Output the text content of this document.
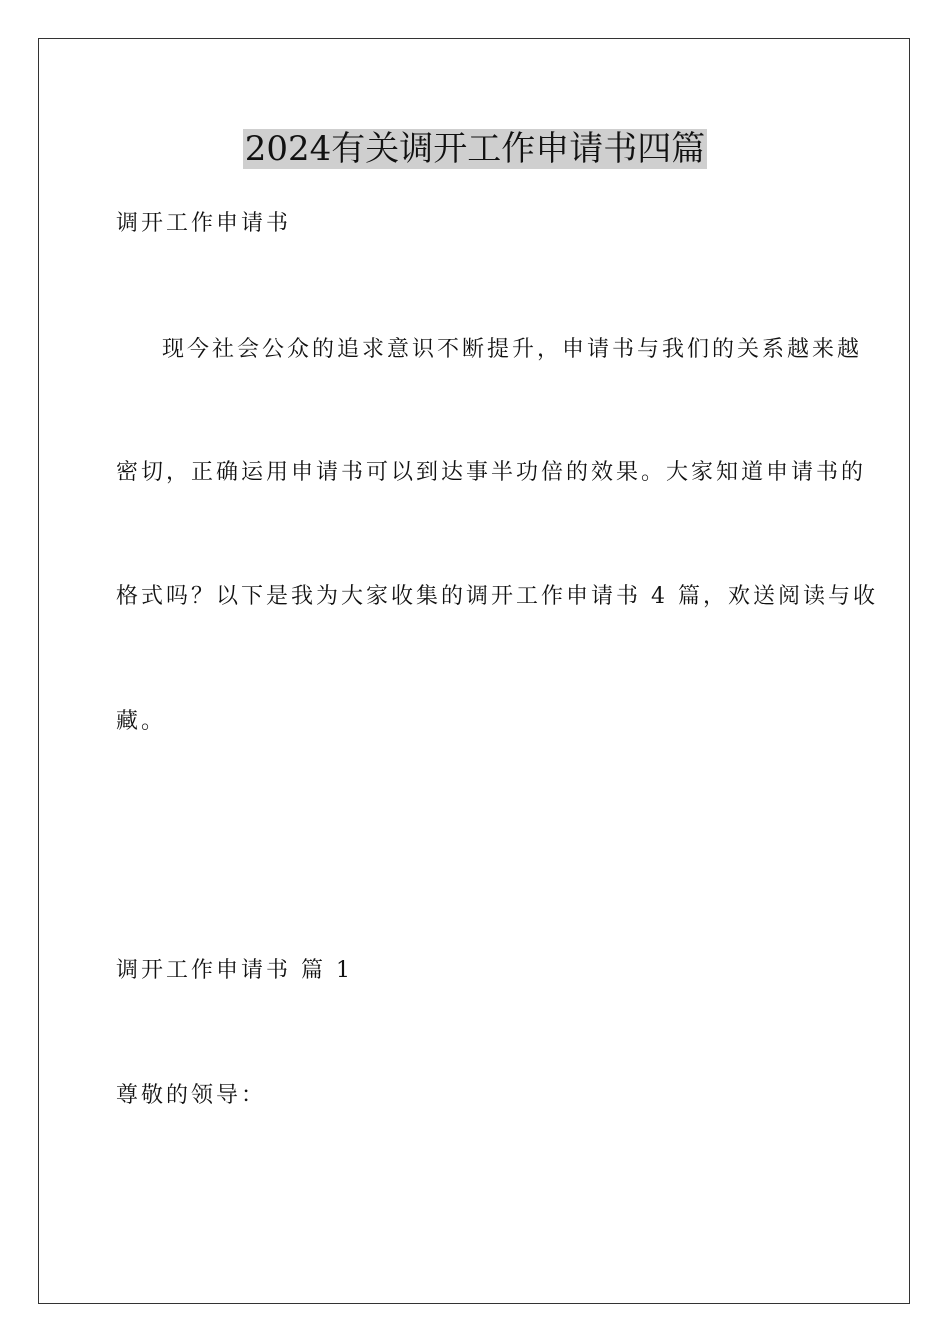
2024有关调开工作申请书四篇

调开工作申请书

现今社会公众的追求意识不断提升，申请书与我们的关系越来越

密切，正确运用申请书可以到达事半功倍的效果。大家知道申请书的

格式吗？以下是我为大家收集的调开工作申请书 4 篇，欢送阅读与收

藏。

调开工作申请书 篇 1

尊敬的领导：
